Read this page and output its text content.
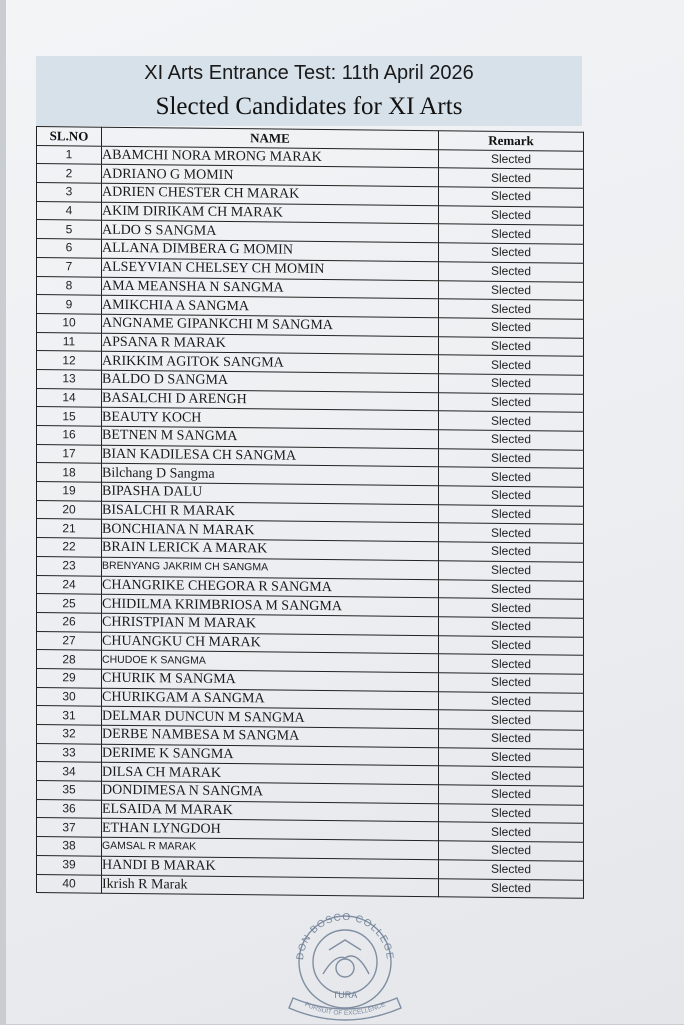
XI Arts Entrance Test: 11th April 2026
Slected Candidates for XI Arts
SL.NO	NAME	Remark
1	ABAMCHI NORA MRONG MARAK	Slected
2	ADRIANO G MOMIN	Slected
3	ADRIEN CHESTER CH MARAK	Slected
4	AKIM DIRIKAM CH MARAK	Slected
5	ALDO S SANGMA	Slected
6	ALLANA DIMBERA G MOMIN	Slected
7	ALSEYVIAN CHELSEY CH MOMIN	Slected
8	AMA MEANSHA N SANGMA	Slected
9	AMIKCHIA A SANGMA	Slected
10	ANGNAME GIPANKCHI M SANGMA	Slected
11	APSANA R MARAK	Slected
12	ARIKKIM AGITOK SANGMA	Slected
13	BALDO D SANGMA	Slected
14	BASALCHI D ARENGH	Slected
15	BEAUTY KOCH	Slected
16	BETNEN M SANGMA	Slected
17	BIAN KADILESA CH SANGMA	Slected
18	Bilchang D Sangma	Slected
19	BIPASHA DALU	Slected
20	BISALCHI R MARAK	Slected
21	BONCHIANA N MARAK	Slected
22	BRAIN LERICK A MARAK	Slected
23	BRENYANG JAKRIM CH SANGMA	Slected
24	CHANGRIKE CHEGORA R SANGMA	Slected
25	CHIDILMA KRIMBRIOSA M SANGMA	Slected
26	CHRISTPIAN M MARAK	Slected
27	CHUANGKU CH MARAK	Slected
28	CHUDOE K SANGMA	Slected
29	CHURIK M SANGMA	Slected
30	CHURIKGAM A SANGMA	Slected
31	DELMAR DUNCUN M SANGMA	Slected
32	DERBE NAMBESA M SANGMA	Slected
33	DERIME K SANGMA	Slected
34	DILSA CH MARAK	Slected
35	DONDIMESA N SANGMA	Slected
36	ELSAIDA M MARAK	Slected
37	ETHAN LYNGDOH	Slected
38	GAMSAL R MARAK	Slected
39	HANDI B MARAK	Slected
40	Ikrish R Marak	Slected
DON BOSCO COLLEGE
TURA
PURSUIT OF EXCELLENCE
